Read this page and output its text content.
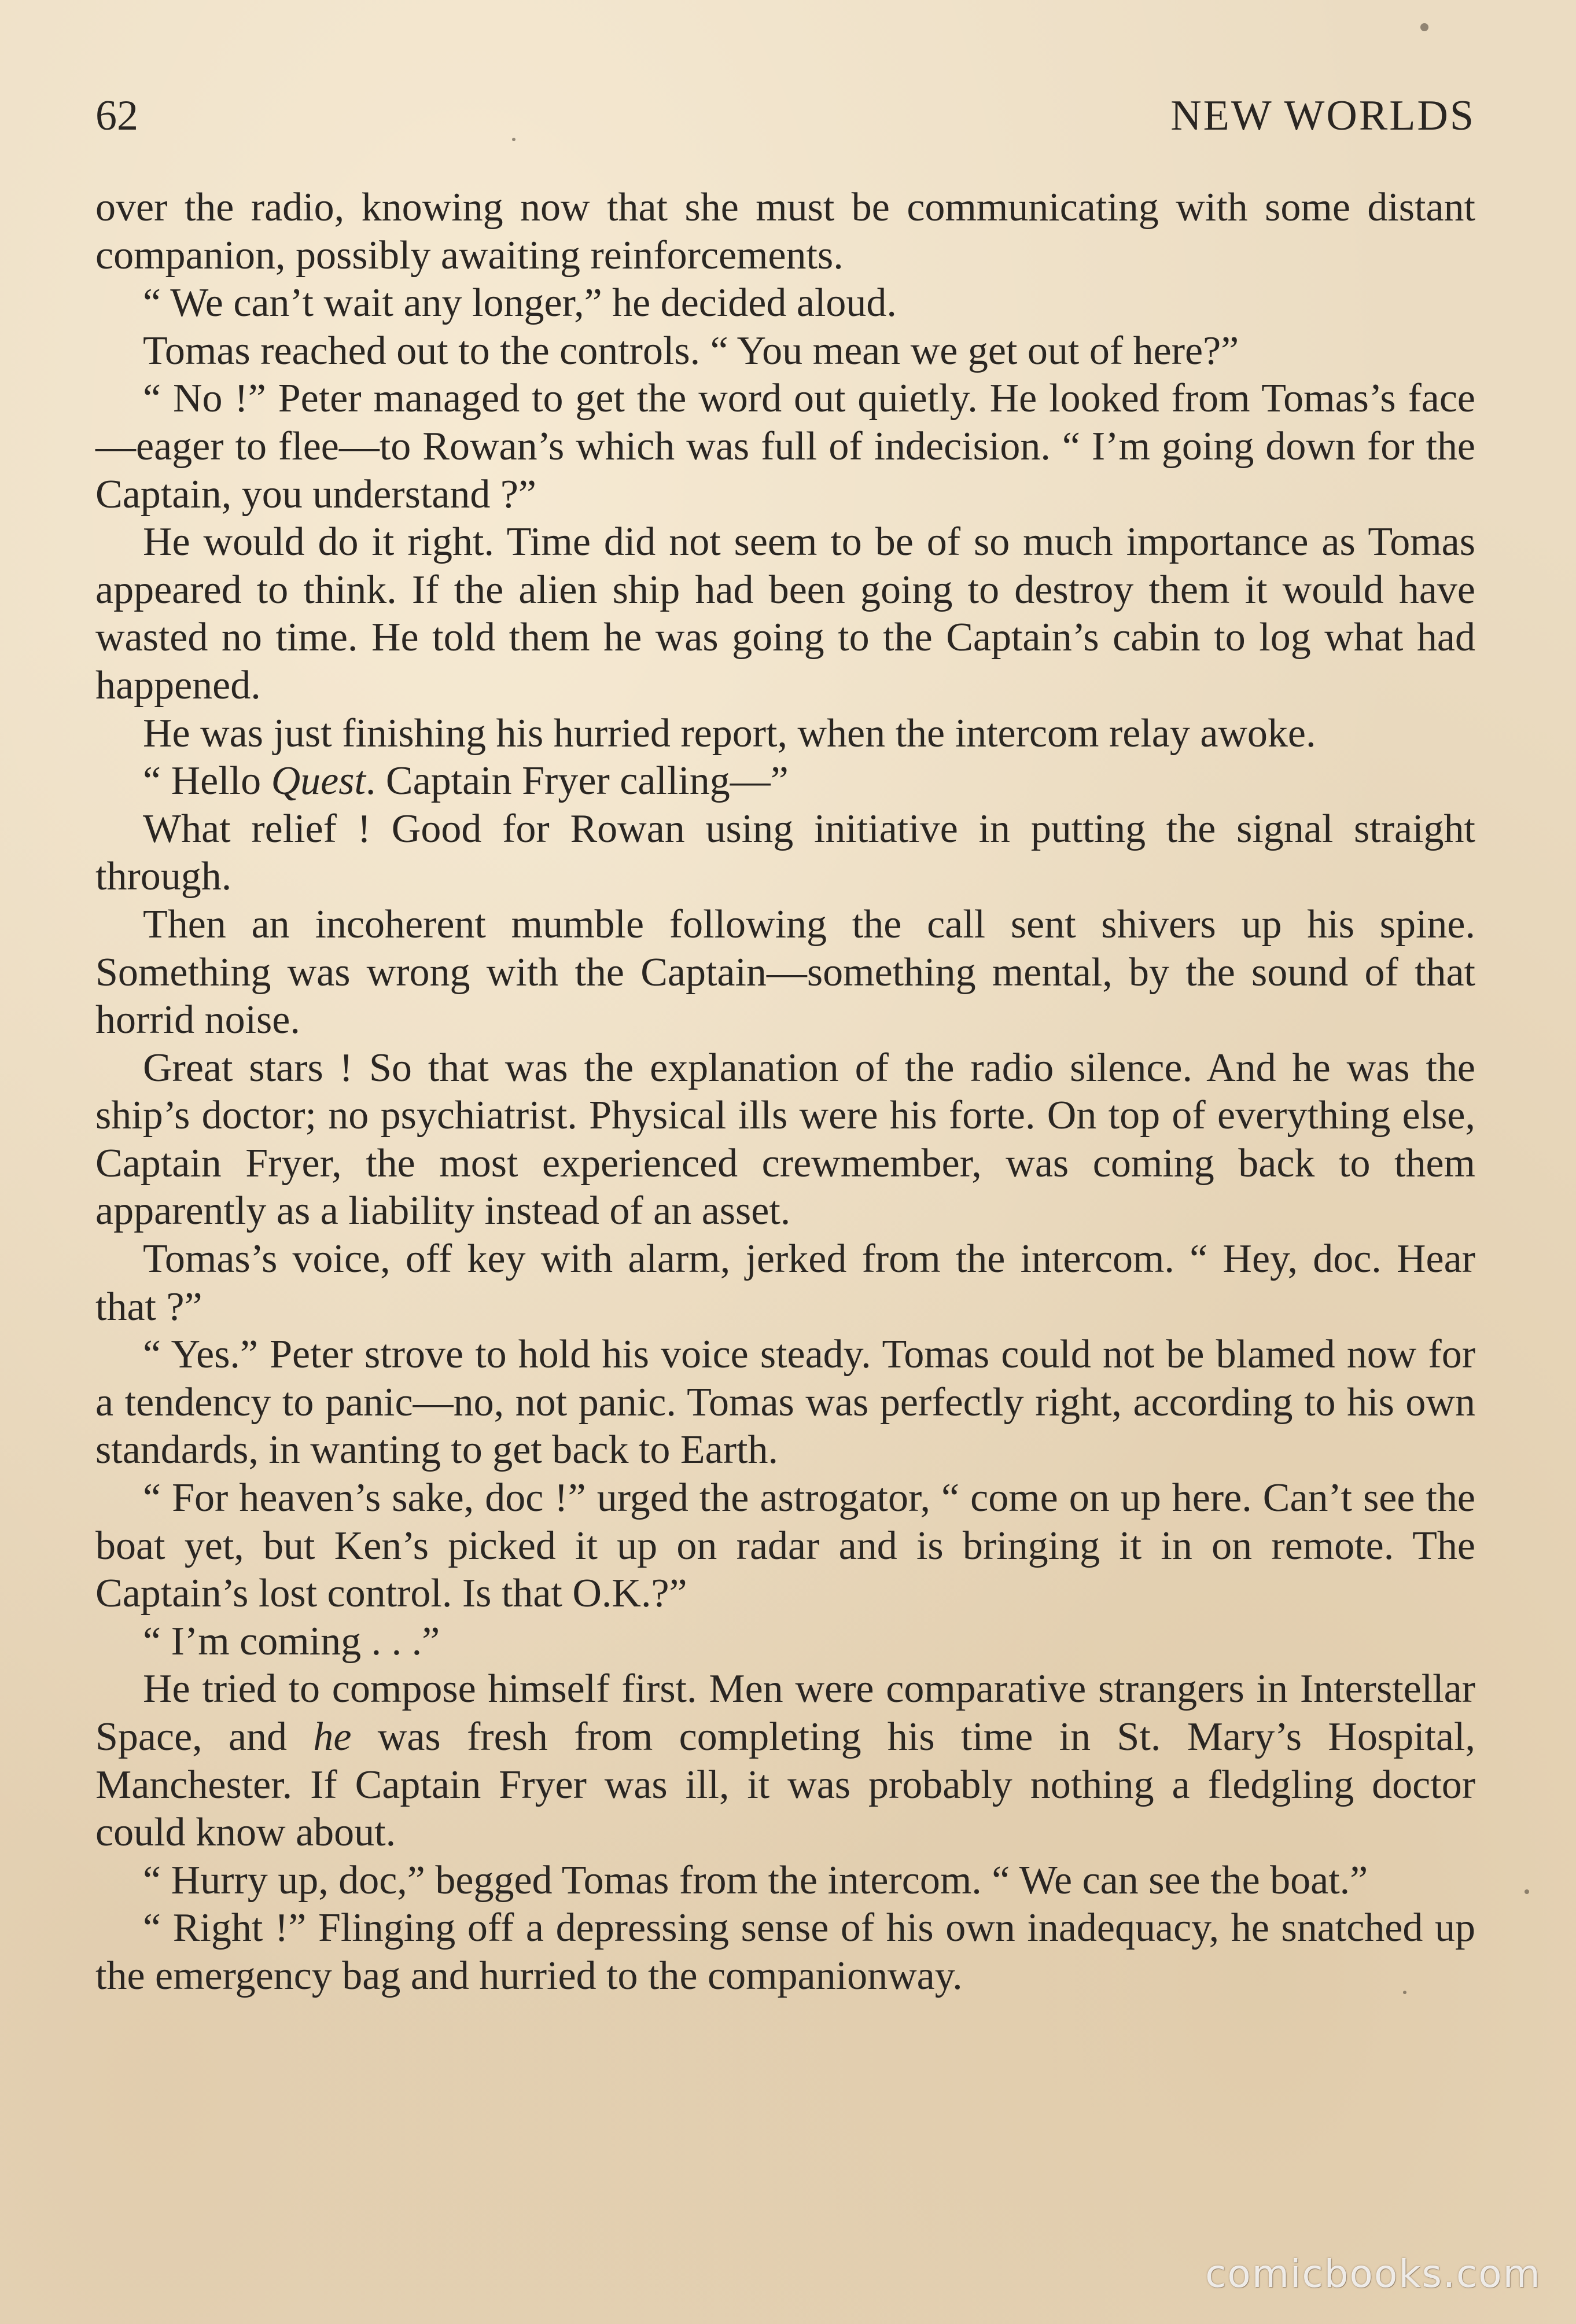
62	NEW WORLDS

over the radio, knowing now that she must be communicating with some distant companion, possibly awaiting reinforcements.

“ We can’t wait any longer,” he decided aloud.

Tomas reached out to the controls. “ You mean we get out of here?”

“ No !” Peter managed to get the word out quietly. He looked from Tomas’s face—eager to flee—to Rowan’s which was full of indecision. “ I’m going down for the Captain, you understand ?”

He would do it right. Time did not seem to be of so much importance as Tomas appeared to think. If the alien ship had been going to destroy them it would have wasted no time. He told them he was going to the Captain’s cabin to log what had happened.

He was just finishing his hurried report, when the intercom relay awoke.

“ Hello Quest. Captain Fryer calling—”

What relief ! Good for Rowan using initiative in putting the signal straight through.

Then an incoherent mumble following the call sent shivers up his spine. Something was wrong with the Captain—something mental, by the sound of that horrid noise.

Great stars ! So that was the explanation of the radio silence. And he was the ship’s doctor; no psychiatrist. Physical ills were his forte. On top of everything else, Captain Fryer, the most experienced crewmember, was coming back to them apparently as a liability instead of an asset.

Tomas’s voice, off key with alarm, jerked from the intercom. “ Hey, doc. Hear that ?”

“ Yes.” Peter strove to hold his voice steady. Tomas could not be blamed now for a tendency to panic—no, not panic. Tomas was perfectly right, according to his own standards, in wanting to get back to Earth.

“ For heaven’s sake, doc !” urged the astrogator, “ come on up here. Can’t see the boat yet, but Ken’s picked it up on radar and is bringing it in on remote. The Captain’s lost control. Is that O.K.?”

“ I’m coming . . .”

He tried to compose himself first. Men were comparative strangers in Interstellar Space, and he was fresh from completing his time in St. Mary’s Hospital, Manchester. If Captain Fryer was ill, it was probably nothing a fledgling doctor could know about.

“ Hurry up, doc,” begged Tomas from the intercom. “ We can see the boat.”

“ Right !” Flinging off a depressing sense of his own inadequacy, he snatched up the emergency bag and hurried to the companionway.

comicbooks.com
